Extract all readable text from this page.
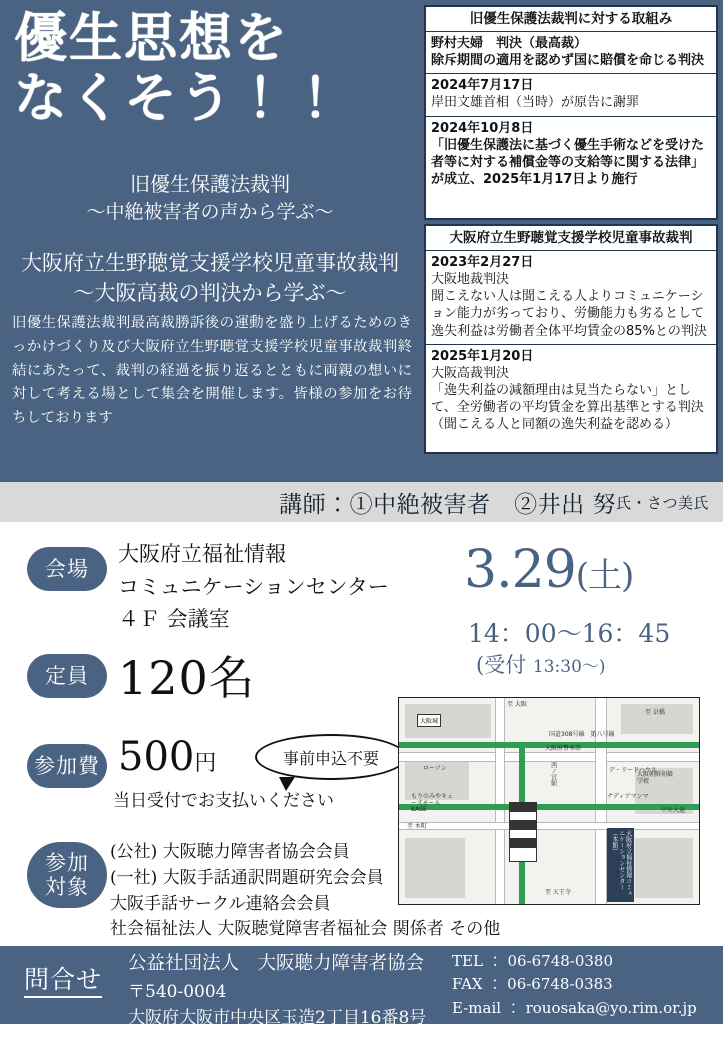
優生思想を
なくそう！！
旧優生保護法裁判
〜中絶被害者の声から学ぶ〜
大阪府立生野聴覚支援学校児童事故裁判
〜大阪高裁の判決から学ぶ〜
旧優生保護法裁判最高裁勝訴後の運動を盛り上げるためのきっかけづくり及び大阪府立生野聴覚支援学校児童事故裁判終結にあたって、裁判の経過を振り返るとともに両親の想いに対して考える場として集会を開催します。皆様の参加をお待ちしております
旧優生保護法裁判に対する取組み
野村夫婦　判決（最高裁）
除斥期間の適用を認めず国に賠償を命じる判決
2024年7月17日
岸田文雄首相（当時）が原告に謝罪
2024年10月8日
「旧優生保護法に基づく優生手術などを受けた
者等に対する補償金等の支給等に関する法律」
が成立、2025年1月17日より施行
大阪府立生野聴覚支援学校児童事故裁判
2023年2月27日
大阪地裁判決
聞こえない人は聞こえる人よりコミュニケーション能力が劣っており、労働能力も劣るとして逸失利益は労働者全体平均賃金の85%との判決
2025年1月20日
大阪高裁判決
「逸失利益の減額理由は見当たらない」として、全労働者の平均賃金を算出基準とする判決
（聞こえる人と同額の逸失利益を認める）
講師：①中絶被害者　②井出 努 氏・さつ美 氏
会場
大阪府立福祉情報
コミュニケーションセンター
４Ｆ 会議室
定員 120名
参加費 500円
当日受付でお支払いください
事前申込不要
参加
対象
(公社) 大阪聴力障害者協会会員
(一社) 大阪手話通訳問題研究会会員
大阪手話サークル連絡会会員
社会福祉法人 大阪聴覚障害者福祉会 関係者 その他
3.29(土)
14：00〜16：45
(受付 13:30〜)
大阪城
至 大阪
至 京橋
ローソン
大阪府警本部
国道308号線　第八号線
もりのみやキューズモールBASE
西ノ宮駅	デ・リードハウス
ナディアマンマ
大阪朝鮮初級学校
中央大通
至 天王寺
至 本町
大阪府立福祉情報コミュニケーションセンター（本館）
問合せ
公益社団法人　大阪聴力障害者協会
〒540-0004
大阪府大阪市中央区玉造2丁目16番8号
玉造井上ビル 4階
TEL ： 06-6748-0380
FAX ： 06-6748-0383
E-mail ： rouosaka@yo.rim.or.jp
URL ： https://daicyokyo.jp/
